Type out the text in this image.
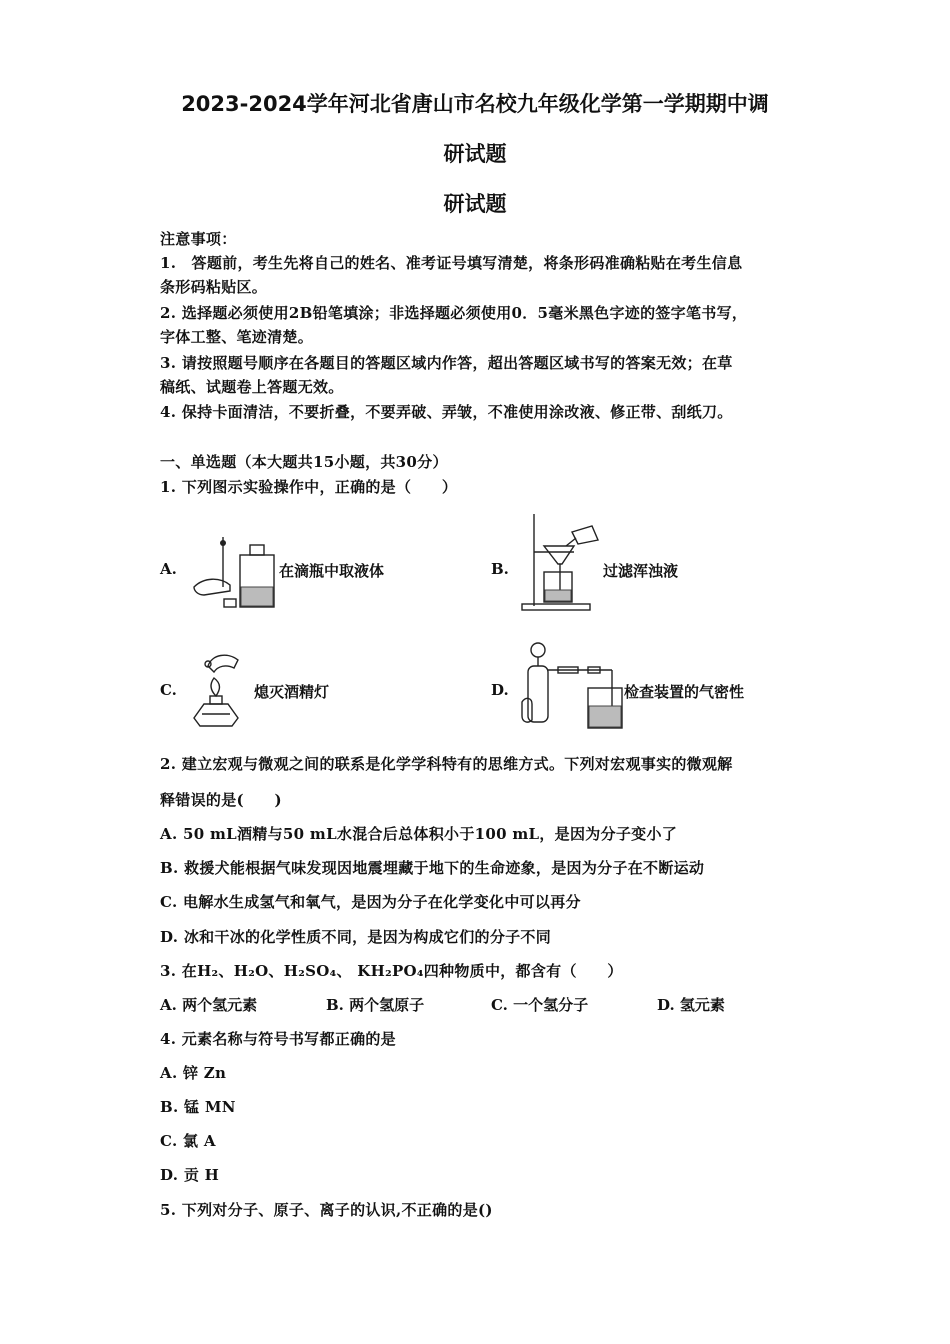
2023-2024学年河北省唐山市名校九年级化学第一学期期中调
研试题
研试题
注意事项：
1.　答题前，考生先将自己的姓名、准考证号填写清楚，将条形码准确粘贴在考生信息
条形码粘贴区。
2. 选择题必须使用2B铅笔填涂；非选择题必须使用0．5毫米黑色字迹的签字笔书写，
字体工整、笔迹清楚。
3. 请按照题号顺序在各题目的答题区域内作答，超出答题区域书写的答案无效；在草
稿纸、试题卷上答题无效。
4. 保持卡面清洁，不要折叠，不要弄破、弄皱，不准使用涂改液、修正带、刮纸刀。
一、单选题（本大题共15小题，共30分）
1. 下列图示实验操作中，正确的是（　　）
A.	在滴瓶中取液体	B.	过滤浑浊液
C.	熄灭酒精灯	D.	检查装置的气密性
2. 建立宏观与微观之间的联系是化学学科特有的思维方式。下列对宏观事实的微观解
释错误的是(　　)
A. 50 mL酒精与50 mL水混合后总体积小于100 mL，是因为分子变小了
B. 救援犬能根据气味发现因地震埋藏于地下的生命迹象，是因为分子在不断运动
C. 电解水生成氢气和氧气，是因为分子在化学变化中可以再分
D. 冰和干冰的化学性质不同，是因为构成它们的分子不同
3. 在H₂、H₂O、H₂SO₄、 KH₂PO₄四种物质中，都含有（　　）
A. 两个氢元素	B. 两个氢原子	C. 一个氢分子	D. 氢元素
4. 元素名称与符号书写都正确的是
A. 锌 Zn
B. 锰 MN
C. 氯 A
D. 贡 H
5. 下列对分子、原子、离子的认识,不正确的是()
